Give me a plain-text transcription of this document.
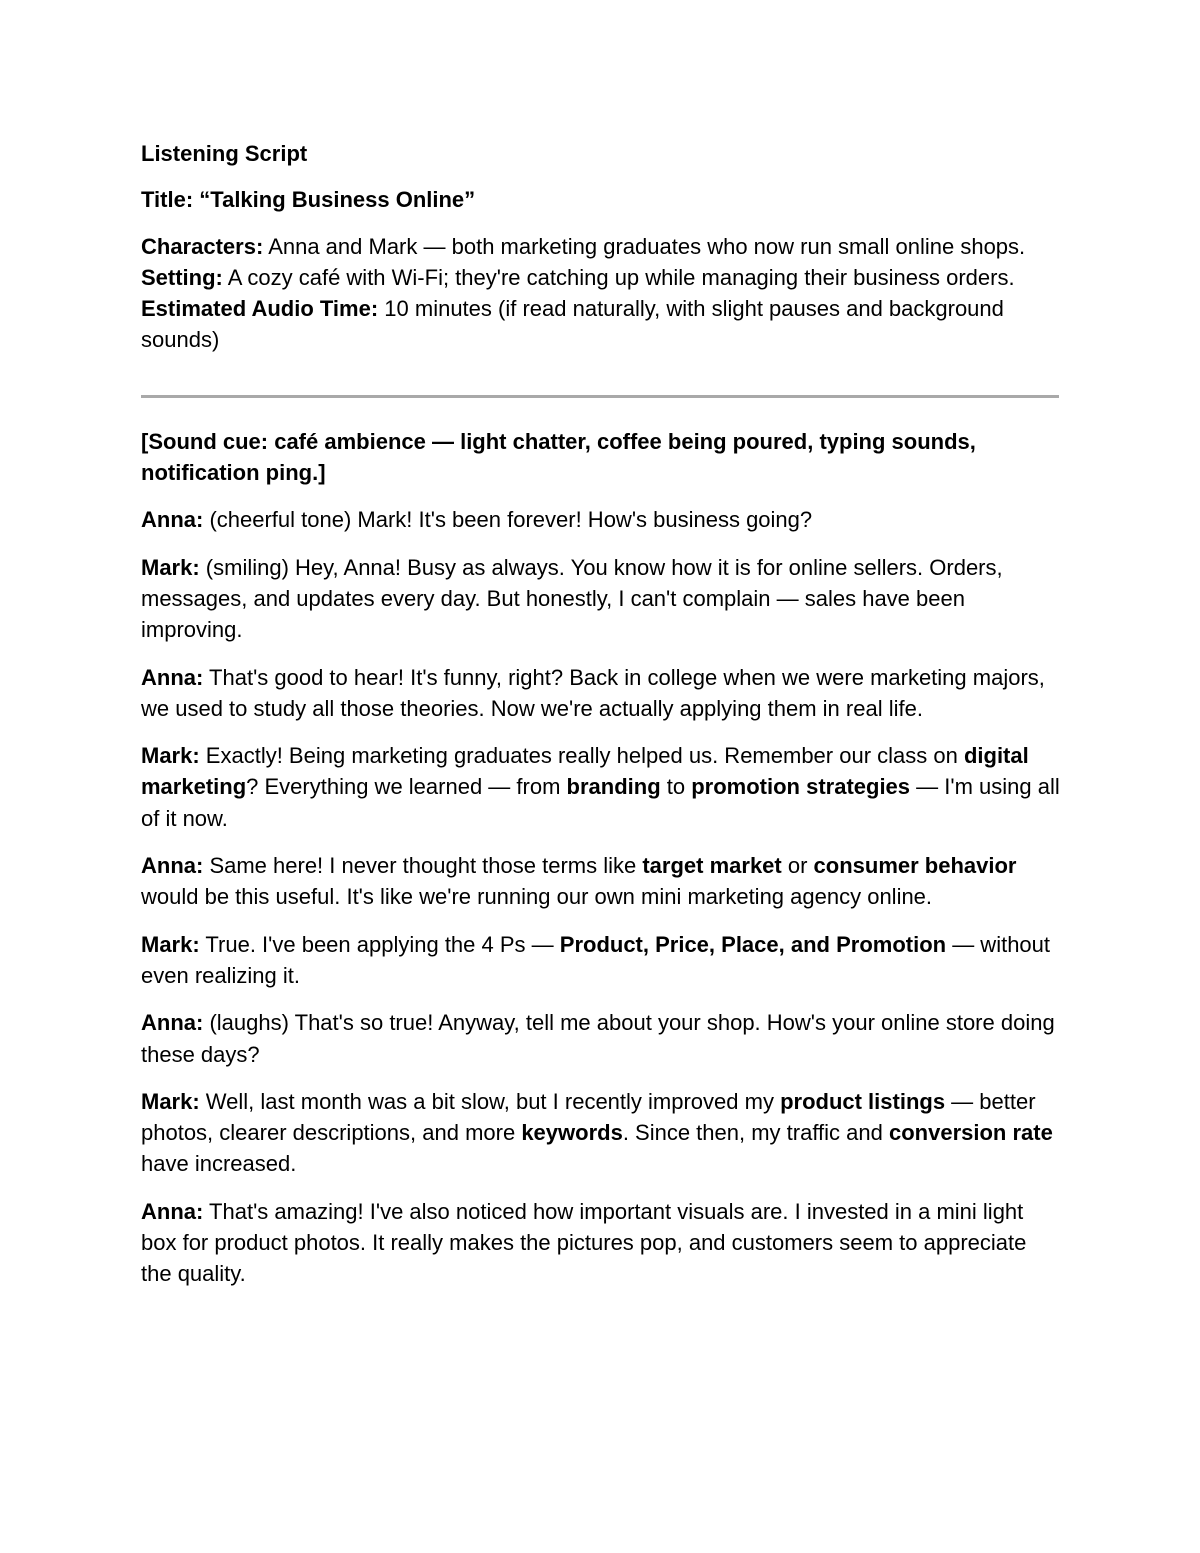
Listening Script

Title: “Talking Business Online”

Characters: Anna and Mark — both marketing graduates who now run small online shops.

Setting: A cozy café with Wi-Fi; they're catching up while managing their business orders.

Estimated Audio Time: 10 minutes (if read naturally, with slight pauses and background sounds)

[Sound cue: café ambience — light chatter, coffee being poured, typing sounds, notification ping.]

Anna: (cheerful tone) Mark! It's been forever! How's business going?

Mark: (smiling) Hey, Anna! Busy as always. You know how it is for online sellers. Orders, messages, and updates every day. But honestly, I can't complain — sales have been improving.

Anna: That's good to hear! It's funny, right? Back in college when we were marketing majors, we used to study all those theories. Now we're actually applying them in real life.

Mark: Exactly! Being marketing graduates really helped us. Remember our class on digital marketing? Everything we learned — from branding to promotion strategies — I'm using all of it now.

Anna: Same here! I never thought those terms like target market or consumer behavior would be this useful. It's like we're running our own mini marketing agency online.

Mark: True. I've been applying the 4 Ps — Product, Price, Place, and Promotion — without even realizing it.

Anna: (laughs) That's so true! Anyway, tell me about your shop. How's your online store doing these days?

Mark: Well, last month was a bit slow, but I recently improved my product listings — better photos, clearer descriptions, and more keywords. Since then, my traffic and conversion rate have increased.

Anna: That's amazing! I've also noticed how important visuals are. I invested in a mini light box for product photos. It really makes the pictures pop, and customers seem to appreciate the quality.
